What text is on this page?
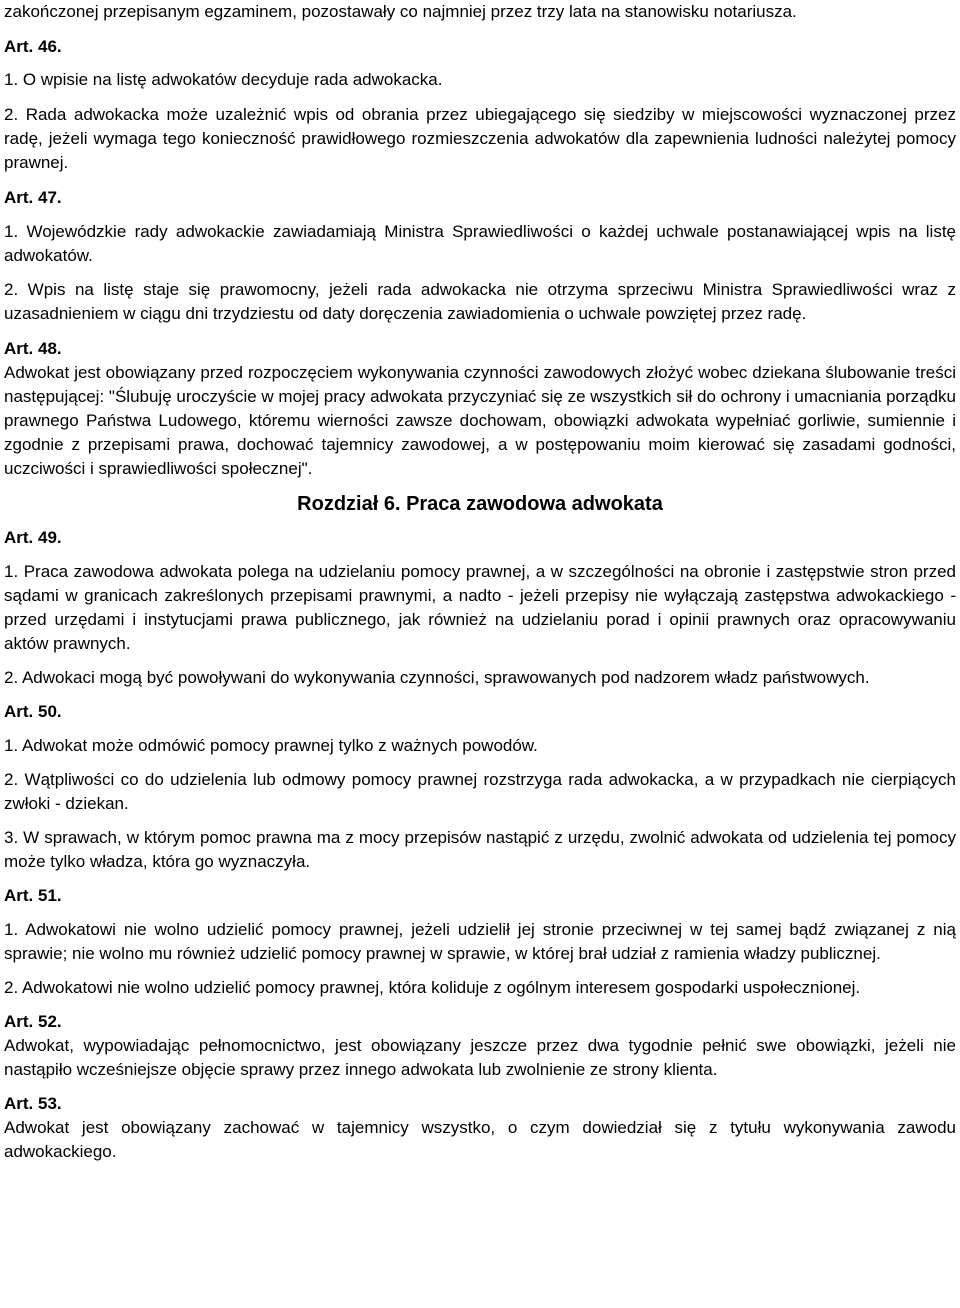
zakończonej przepisanym egzaminem, pozostawały co najmniej przez trzy lata na stanowisku notariusza.

Art. 46.

1. O wpisie na listę adwokatów decyduje rada adwokacka.

2. Rada adwokacka może uzależnić wpis od obrania przez ubiegającego się siedziby w miejscowości wyznaczonej przez radę, jeżeli wymaga tego konieczność prawidłowego rozmieszczenia adwokatów dla zapewnienia ludności należytej pomocy prawnej.

Art. 47.

1. Wojewódzkie rady adwokackie zawiadamiają Ministra Sprawiedliwości o każdej uchwale postanawiającej wpis na listę adwokatów.

2. Wpis na listę staje się prawomocny, jeżeli rada adwokacka nie otrzyma sprzeciwu Ministra Sprawiedliwości wraz z uzasadnieniem w ciągu dni trzydziestu od daty doręczenia zawiadomienia o uchwale powziętej przez radę.

Art. 48.

Adwokat jest obowiązany przed rozpoczęciem wykonywania czynności zawodowych złożyć wobec dziekana ślubowanie treści następującej: "Ślubuję uroczyście w mojej pracy adwokata przyczyniać się ze wszystkich sił do ochrony i umacniania porządku prawnego Państwa Ludowego, któremu wierności zawsze dochowam, obowiązki adwokata wypełniać gorliwie, sumiennie i zgodnie z przepisami prawa, dochować tajemnicy zawodowej, a w postępowaniu moim kierować się zasadami godności, uczciwości i sprawiedliwości społecznej".

Rozdział 6. Praca zawodowa adwokata
Art. 49.

1. Praca zawodowa adwokata polega na udzielaniu pomocy prawnej, a w szczególności na obronie i zastępstwie stron przed sądami w granicach zakreślonych przepisami prawnymi, a nadto - jeżeli przepisy nie wyłączają zastępstwa adwokackiego - przed urzędami i instytucjami prawa publicznego, jak również na udzielaniu porad i opinii prawnych oraz opracowywaniu aktów prawnych.

2. Adwokaci mogą być powoływani do wykonywania czynności, sprawowanych pod nadzorem władz państwowych.

Art. 50.

1. Adwokat może odmówić pomocy prawnej tylko z ważnych powodów.

2. Wątpliwości co do udzielenia lub odmowy pomocy prawnej rozstrzyga rada adwokacka, a w przypadkach nie cierpiących zwłoki - dziekan.

3. W sprawach, w którym pomoc prawna ma z mocy przepisów nastąpić z urzędu, zwolnić adwokata od udzielenia tej pomocy może tylko władza, która go wyznaczyła.

Art. 51.

1. Adwokatowi nie wolno udzielić pomocy prawnej, jeżeli udzielił jej stronie przeciwnej w tej samej bądź związanej z nią sprawie; nie wolno mu również udzielić pomocy prawnej w sprawie, w której brał udział z ramienia władzy publicznej.

2. Adwokatowi nie wolno udzielić pomocy prawnej, która koliduje z ogólnym interesem gospodarki uspołecznionej.

Art. 52.

Adwokat, wypowiadając pełnomocnictwo, jest obowiązany jeszcze przez dwa tygodnie pełnić swe obowiązki, jeżeli nie nastąpiło wcześniejsze objęcie sprawy przez innego adwokata lub zwolnienie ze strony klienta.

Art. 53.

Adwokat jest obowiązany zachować w tajemnicy wszystko, o czym dowiedział się z tytułu wykonywania zawodu adwokackiego.
